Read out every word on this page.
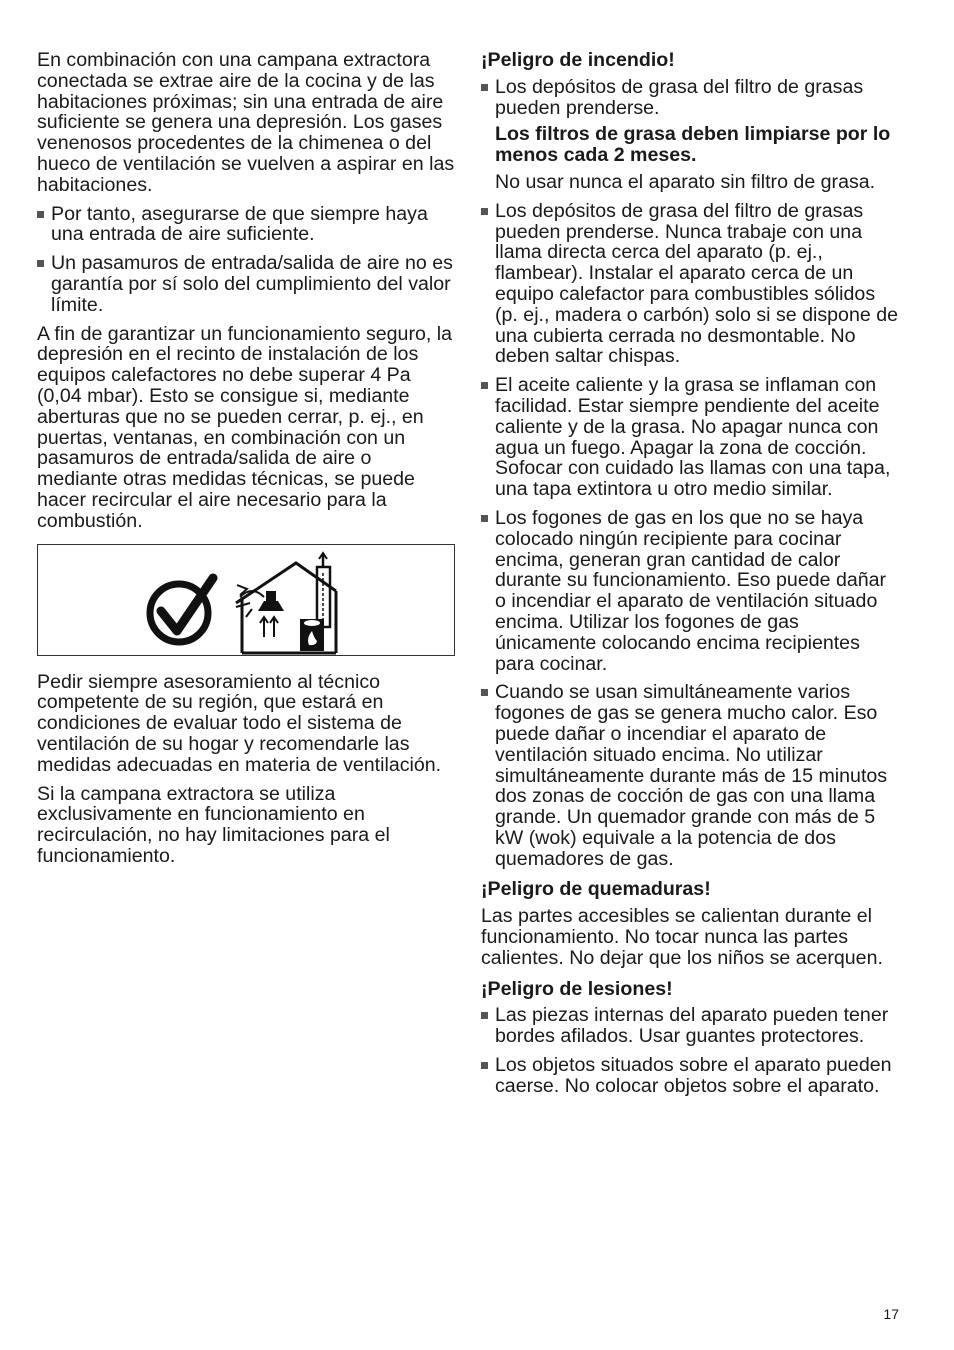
En combinación con una campana extractora conectada se extrae aire de la cocina y de las habitaciones próximas; sin una entrada de aire suficiente se genera una depresión. Los gases venenosos procedentes de la chimenea o del hueco de ventilación se vuelven a aspirar en las habitaciones.

Por tanto, asegurarse de que siempre haya una entrada de aire suficiente.

Un pasamuros de entrada/salida de aire no es garantía por sí solo del cumplimiento del valor límite.

A fin de garantizar un funcionamiento seguro, la depresión en el recinto de instalación de los equipos calefactores no debe superar 4 Pa (0,04 mbar). Esto se consigue si, mediante aberturas que no se pueden cerrar, p. ej., en puertas, ventanas, en combinación con un pasamuros de entrada/salida de aire o mediante otras medidas técnicas, se puede hacer recircular el aire necesario para la combustión.

Pedir siempre asesoramiento al técnico competente de su región, que estará en condiciones de evaluar todo el sistema de ventilación de su hogar y recomendarle las medidas adecuadas en materia de ventilación.

Si la campana extractora se utiliza exclusivamente en funcionamiento en recirculación, no hay limitaciones para el funcionamiento.

¡Peligro de incendio!

Los depósitos de grasa del filtro de grasas pueden prenderse.

Los filtros de grasa deben limpiarse por lo menos cada 2 meses.

No usar nunca el aparato sin filtro de grasa.

Los depósitos de grasa del filtro de grasas pueden prenderse. Nunca trabaje con una llama directa cerca del aparato (p. ej., flambear). Instalar el aparato cerca de un equipo calefactor para combustibles sólidos (p. ej., madera o carbón) solo si se dispone de una cubierta cerrada no desmontable. No deben saltar chispas.

El aceite caliente y la grasa se inflaman con facilidad. Estar siempre pendiente del aceite caliente y de la grasa. No apagar nunca con agua un fuego. Apagar la zona de cocción. Sofocar con cuidado las llamas con una tapa, una tapa extintora u otro medio similar.

Los fogones de gas en los que no se haya colocado ningún recipiente para cocinar encima, generan gran cantidad de calor durante su funcionamiento. Eso puede dañar o incendiar el aparato de ventilación situado encima. Utilizar los fogones de gas únicamente colocando encima recipientes para cocinar.

Cuando se usan simultáneamente varios fogones de gas se genera mucho calor. Eso puede dañar o incendiar el aparato de ventilación situado encima. No utilizar simultáneamente durante más de 15 minutos dos zonas de cocción de gas con una llama grande. Un quemador grande con más de 5 kW (wok) equivale a la potencia de dos quemadores de gas.

¡Peligro de quemaduras!

Las partes accesibles se calientan durante el funcionamiento. No tocar nunca las partes calientes. No dejar que los niños se acerquen.

¡Peligro de lesiones!

Las piezas internas del aparato pueden tener bordes afilados. Usar guantes protectores.

Los objetos situados sobre el aparato pueden caerse. No colocar objetos sobre el aparato.

17
